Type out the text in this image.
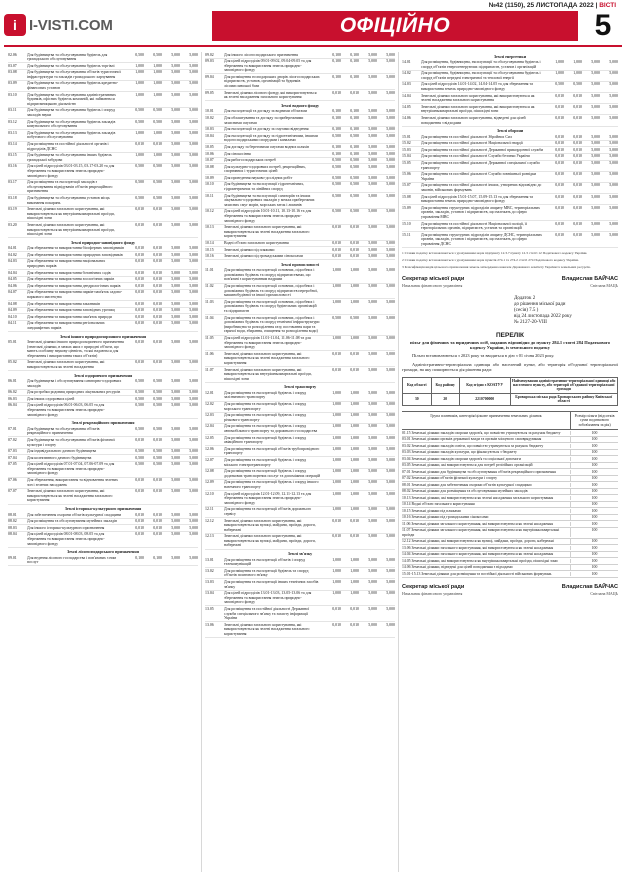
№42 (1150), 25 ЛИСТОПАДА 2022 | ВІСТІ
i I-VISTI.COM	ОФІЦІЙНО	5
02.06	Для будівництва та обслуговування будівель для громадського обслуговування
0,500	0,500	5,000	5,000
03.07	Для будівництва та обслуговування будівель торгівлі	1,000	1,000	5,000	5,000
03.08	Для будівництва та обслуговування об'єктів туристичної інфраструктури та закладів громадського харчування
1,000	1,000	5,000	5,000
03.09	Для будівництва та обслуговування будівель кредитно-фінансових установ
1,000	1,000	5,000	5,000
03.10	Для будівництва та обслуговування адміністративних будинків, офісних будівель компаній, які займаються підприємницькою діяльністю
1,000	1,000	5,000	5,000
03.11	Для будівництва та обслуговування будівель і споруд закладів науки
0,500	0,500	5,000	5,000
03.12	Для будівництва та обслуговування будівель закладів комунального обслуговування
0,500	0,500	5,000	5,000
03.13	Для будівництва та обслуговування будівель закладів побутового обслуговування
1,000	1,000	5,000	5,000
03.14	Для розміщення та постійної діяльності органів і підрозділів ДСНС
0,010	0,010	5,000	5,000
03.15	Для будівництва та обслуговування інших будівель громадської забудови
1,000	1,000	5,000	5,000
03.16	Для цілей підрозділів 03.01-03.15, 03.17-03.20 та для збереження та використання земель природно-заповідного фонду
0,500	0,500	5,000	5,000
03.17	Для розміщення та експлуатації закладів з обслуговування відвідувачів об'єктів рекреаційного призначення
0,500	0,500	5,000	5,000
03.18	Для будівництва та обслуговування установ місць виконання покарань
0,500	0,500	5,000	5,000
03.19	Земельні ділянки загального користування, які використовуються як внутрішньоквартальні проїзди, пішохідні зони
0,010	0,010	5,000	5,000
03.20	Земельні ділянки загального користування, які використовуються як внутрішньоквартальні проїзди, пішохідні зони
0,010	0,010	5,000	5,000
Землі природно-заповідного фонду
04.01	Для збереження та використання біосферних заповідників	0,010	0,010	5,000	5,000
04.02	Для збереження та використання природних заповідників	0,010	0,010	5,000	5,000
04.03	Для збереження та використання національних природних парків
0,010	0,010	5,000	5,000
04.04	Для збереження та використання ботанічних садів	0,010	0,010	5,000	5,000
04.05	Для збереження та використання зоологічних парків	0,010	0,010	5,000	5,000
04.06	Для збереження та використання дендрологічних парків	0,010	0,010	5,000	5,000
04.07	Для збереження та використання парків-пам'яток садово-паркового мистецтва
0,010	0,010	5,000	5,000
04.08	Для збереження та використання заказників	0,010	0,010	5,000	5,000
04.09	Для збереження та використання заповідних урочищ	0,010	0,010	5,000	5,000
04.10	Для збереження та використання пам'яток природи	0,010	0,010	5,000	5,000
04.11	Для збереження та використання регіональних ландшафтних парків
0,010	0,010	5,000	5,000
Землі іншого природоохоронного призначення
05.01	Земельні ділянки іншого природоохоронного призначення (земельні ділянки, в межах яких є природні об'єкти, що мають особливу наукову цінність, та які надаються для збереження і використання таких об'єктів)
0,010	0,010	5,000	5,000
05.02	Земельні ділянки загального користування, які використовуються як зелені насадження
0,010	0,010	5,000	5,000
Землі оздоровчого призначення
06.01	Для будівництва і обслуговування санаторно-оздоровчих закладів
0,500	0,500	5,000	5,000
06.02	Для розробки родовищ природних лікувальних ресурсів	0,500	0,500	5,000	5,000
06.03	Для інших оздоровчих цілей	0,500	0,500	5,000	5,000
06.04	Для цілей підрозділів 06.01-06.03, 06.05 та для збереження та використання земель природно-заповідного фонду
0,500	0,500	5,000	5,000
Землі рекреаційного призначення
07.01	Для будівництва та обслуговування об'єктів рекреаційного призначення
0,500	0,500	5,000	5,000
07.02	Для будівництва та обслуговування об'єктів фізичної культури і спорту
0,010	0,010	5,000	5,000
07.03	Для індивідуального дачного будівництва	0,500	0,500	5,000	5,000
07.04	Для колективного дачного будівництва	0,500	0,500	5,000	5,000
07.05	Для цілей підрозділів 07.01-07.04, 07.06-07.09 та для збереження та використання земель природно-заповідного фонду
0,500	0,500	5,000	5,000
07.06	Для збереження, використання та відновлення зелених зон і зелених насаджень
0,010	0,010	5,000	5,000
07.07	Земельні ділянки загального користування, які використовуються як зелені насадження загального користування
0,010	0,010	5,000	5,000
Землі історико-культурного призначення
08.01	Для забезпечення охорони об'єктів культурної спадщини	0,010	0,010	5,000	5,000
08.02	Для розміщення та обслуговування музейних закладів	0,010	0,010	5,000	5,000
08.03	Для іншого історико-культурного призначення	0,010	0,010	5,000	5,000
08.04	Для цілей підрозділів 08.01-08.03, 08.05 та для збереження та використання земель природно-заповідного фонду
0,010	0,010	5,000	5,000
Землі лісогосподарського призначення
09.01	Для ведення лісового господарства і пов'язаних з ним послуг
0,100	0,100	5,000	5,000
09.02	Для іншого лісогосподарського призначення	0,100	0,100	5,000	5,000
09.03	Для цілей підрозділів 09.01-09.02, 09.04-09.05 та для збереження та використання земель природно-заповідного фонду
0,100	0,100	5,000	5,000
09.04	Для розміщення господарських дворів лісогосподарських підприємств, установ, організацій та будинків лісомисливської бази
0,100	0,100	5,000	5,000
09.05	Земельні ділянки лісового фонду, які використовуються як зелені насадження загального користування
0,010	0,010	5,000	5,000
Землі водного фонду
10.01	Для експлуатації та догляду за водними об'єктами	0,100	0,100	5,000	5,000
10.02	Для облаштування та догляду за прибережними захисними смугами
0,100	0,100	5,000	5,000
10.03	Для експлуатації та догляду за смугами відведення	0,100	0,100	5,000	5,000
10.04	Для експлуатації та догляду за гідротехнічними, іншими водогосподарськими спорудами і каналами
0,500	0,500	5,000	5,000
10.05	Для догляду за береговими смугами водних шляхів	0,100	0,100	5,000	5,000
10.06	Для сінокосіння	0,100	0,100	5,000	5,000
10.07	Для рибогосподарських потреб	0,500	0,500	5,000	5,000
10.08	Для культурно-оздоровчих потреб, рекреаційних, спортивних і туристичних цілей
0,500	0,500	5,000	5,000
10.09	Для проведення науково-дослідних робіт	0,500	0,500	5,000	5,000
10.10	Для будівництва та експлуатації гідротехнічних, гідрометричних та лінійних споруд
0,500	0,500	5,000	5,000
10.11	Для будівництва та експлуатації санаторіїв та інших лікувально-оздоровчих закладів у межах прибережних захисних смуг морів, морських заток і лиманів
0,500	0,500	5,000	5,000
10.12	Для цілей підрозділів 10.01-10.11, 10.13-10.16 та для збереження та використання земель природно-заповідного фонду
0,500	0,500	5,000	5,000
10.13	Земельні ділянки загального користування, які використовуються як зелені насадження загального користування
0,010	0,010	5,000	5,000
10.14	Водні об'єкти загального користування	0,010	0,010	5,000	5,000
10.15	Земельні ділянки під пляжами	0,010	0,010	5,000	5,000
10.16	Земельні ділянки під громадськими сінокосами	0,010	0,010	5,000	5,000
Землі промисловості
11.01	Для розміщення та експлуатації основних, підсобних і допоміжних будівель та споруд підприємствами, що пов'язані з користуванням надрами
1,000	1,000	5,000	5,000
11.02	Для розміщення та експлуатації основних, підсобних і допоміжних будівель та споруд підприємств переробної, машинобудівної та іншої промисловості
1,000	1,000	5,000	5,000
11.03	Для розміщення та експлуатації основних, підсобних і допоміжних будівель та споруд будівельних організацій та підприємств
1,000	1,000	5,000	5,000
11.04	Для розміщення та експлуатації основних, підсобних і допоміжних будівель та споруд технічної інфраструктури (виробництва та розподілення газу, постачання пари та гарячої води, збирання, очищення та розподілення води)
0,500	0,500	5,000	5,000
11.05	Для цілей підрозділів 11.01-11.04, 11.06-11.08 та для збереження та використання земель природно-заповідного фонду
1,000	1,000	5,000	5,000
11.06	Земельні ділянки загального користування, які використовуються як зелені насадження загального користування
0,010	0,010	5,000	5,000
11.07	Земельні ділянки загального користування, які використовуються як внутрішньоквартальні проїзди, пішохідні зони
0,010	0,010	5,000	5,000
Землі транспорту
12.01	Для розміщення та експлуатації будівель і споруд залізничного транспорту
1,000	1,000	5,000	5,000
12.02	Для розміщення та експлуатації будівель і споруд морського транспорту
1,000	1,000	5,000	5,000
12.03	Для розміщення та експлуатації будівель і споруд річкового транспорту
1,000	1,000	5,000	5,000
12.04	Для розміщення та експлуатації будівель і споруд автомобільного транспорту та дорожнього господарства
1,000	1,000	5,000	5,000
12.05	Для розміщення та експлуатації будівель і споруд авіаційного транспорту
1,000	1,000	5,000	5,000
12.06	Для розміщення та експлуатації об'єктів трубопровідного транспорту
1,000	1,000	5,000	5,000
12.07	Для розміщення та експлуатації будівель і споруд міського електротранспорту
1,000	1,000	5,000	5,000
12.08	Для розміщення та експлуатації будівель і споруд додаткових транспортних послуг та допоміжних операцій
1,000	1,000	5,000	5,000
12.09	Для розміщення та експлуатації будівель і споруд іншого наземного транспорту
1,000	1,000	5,000	5,000
12.10	Для цілей підрозділів 12.01-12.09, 12.11-12.13 та для збереження та використання земель природно-заповідного фонду
1,000	1,000	5,000	5,000
12.11	Для розміщення та експлуатації об'єктів дорожнього сервісу
1,000	1,000	5,000	5,000
12.12	Земельні ділянки загального користування, які використовуються як вулиці, майдани, проїзди, дороги, набережні
0,010	0,010	5,000	5,000
12.13	Земельні ділянки загального користування, які використовуються як вулиці, майдани, проїзди, дороги, набережні
0,010	0,010	5,000	5,000
Землі зв'язку
13.01	Для розміщення та експлуатації об'єктів і споруд телекомунікацій
1,000	1,000	5,000	5,000
13.02	Для розміщення та експлуатації будівель та споруд об'єктів поштового зв'язку
1,000	1,000	5,000	5,000
13.03	Для розміщення та експлуатації інших технічних засобів зв'язку
1,000	1,000	5,000	5,000
13.04	Для цілей підрозділів 13.01-13.03, 13.05-13.06 та для збереження та використання земель природно-заповідного фонду
1,000	1,000	5,000	5,000
13.05	Для розміщення та постійної діяльності Державної служби спеціального зв'язку та захисту інформації України
0,010	0,010	5,000	5,000
13.06	Земельні ділянки загального користування, які використовуються як зелені насадження загального користування
0,010	0,010	5,000	5,000
Землі енергетики
14.01	Для розміщення, будівництва, експлуатації та обслуговування будівель і споруд об'єктів енергогенеруючих підприємств, установ і організацій
1,000	1,000	5,000	5,000
14.02	Для розміщення, будівництва, експлуатації та обслуговування будівель і споруд об'єктів передачі електричної та теплової енергії
1,000	1,000	5,000	5,000
14.03	Для цілей підрозділів 14.01-14.02, 14.04-14.05 та для збереження та використання земель природно-заповідного фонду
0,500	0,500	5,000	5,000
14.04	Земельні ділянки загального користування, які використовуються як зелені насадження загального користування
0,010	0,010	5,000	5,000
14.05	Земельні ділянки загального користування, які використовуються як внутрішньоквартальні проїзди, пішохідні зони
0,010	0,010	5,000	5,000
14.06	Земельні ділянки загального користування, відведені для цілей поводження з відходами
0,010	0,010	5,000	5,000
Землі оборони
15.01	Для розміщення та постійної діяльності Збройних Сил	0,010	0,010	5,000	5,000
15.02	Для розміщення та постійної діяльності Національної гвардії	0,010	0,010	5,000	5,000
15.03	Для розміщення та постійної діяльності Державної прикордонної служби	0,010	0,010	5,000	5,000
15.04	Для розміщення та постійної діяльності Служби безпеки України	0,010	0,010	5,000	5,000
15.05	Для розміщення та постійної діяльності Державної спеціальної служби транспорту
0,010	0,010	5,000	5,000
15.06	Для розміщення та постійної діяльності Служби зовнішньої розвідки України
0,010	0,010	5,000	5,000
15.07	Для розміщення та постійної діяльності інших, утворених відповідно до законів, військових формувань
0,010	0,010	5,000	5,000
15.08	Для цілей підрозділів 15.01-15.07, 15.09-15.13 та для збереження та використання земель природно-заповідного фонду
0,010	0,010	5,000	5,000
15.09	Для розміщення структурних підрозділів апарату МВС, територіальних органів, закладів, установ і підприємств, що належать до сфери управління МВС
0,010	0,010	5,000	5,000
15.10	Для розміщення та постійної діяльності Національної поліції, її територіальних органів, підприємств, установ та організацій
0,010	0,010	5,000	5,000
15.11	Для розміщення структурних підрозділів апарату ДСНС, територіальних органів, закладів, установ і підприємств, що належать до сфери управління ДСНС
0,010	0,010	5,000	5,000
1 Ставки податку встановлюються з урахуванням норм підпункту 12.3.7 пункту 12.3 статті 12 Податкового кодексу України.
2 Ставки податку встановлюються з урахуванням норм пунктів 274.1 та 274.2 статті 274 Податкового кодексу України.
3 Класифікація видів цільового призначення земель затверджена наказом Державного комітету України із земельних ресурсів.
Секретар міської ради	Владислав БАЙЧАС
Начальник фінансового управління	Світлана МАЦЬ
Додаток 2
до рішення міської ради
(сесія) 7.5 )
від 24 листопада 2022 року
№ 2127-20-VIII
ПЕРЕЛІК
пільг для фізичних та юридичних осіб, наданих відповідно до пункту 284.1 статті 284 Податкового кодексу України, із земельного податку
Пільги встановлюються з 2023 року та вводяться в дію з 01 січня 2023 року.
Адміністративно-територіальна одиниця або населений пункт, або територія об'єднаної територіальної громади, на яку поширюється дія рішення ради:
Код області	Код району	Код згідно з КОАТУУ	Найменування адміністративно-територіальної одиниці або населеного пункту, або території об'єднаної територіальної громади
30	20	2210700000	Броварська міська рада Броварського району Київської області
Група платників, категорія/цільове призначення земельних ділянок	Розмір пільги (відсотків суми податкового зобов'язання за рік)
01.15 Земельні ділянки закладів охорони здоров'я, що повністю утримуються за рахунок бюджету	100
03.01 Земельні ділянки органів державної влади та органів місцевого самоврядування	100
03.02 Земельні ділянки закладів освіти, що повністю утримуються за рахунок бюджету	100
03.03 Земельні ділянки закладів культури, що фінансуються з бюджету	100
03.04 Земельні ділянки закладів охорони здоров'я та соціальної допомоги	100
03.05 Земельні ділянки, які використовуються для потреб релігійних організацій	100
07.01 Земельні ділянки для будівництва та обслуговування об'єктів рекреаційного призначення	100
07.02 Земельні ділянки об'єктів фізичної культури і спорту	100
08.01 Земельні ділянки для забезпечення охорони об'єктів культурної спадщини	100
08.02 Земельні ділянки для розміщення та обслуговування музейних закладів	100
10.13 Земельні ділянки, які використовуються як зелені насадження загального користування	100
10.14 Водні об'єкти загального користування	100
10.15 Земельні ділянки під пляжами	100
10.16 Земельні ділянки під громадськими сінокосами	100
11.06 Земельні ділянки загального користування, які використовуються як зелені насадження	100
11.07 Земельні ділянки загального користування, які використовуються як внутрішньоквартальні проїзди
100
12.12 Земельні ділянки, які використовуються як вулиці, майдани, проїзди, дороги, набережні	100
13.06 Земельні ділянки загального користування, які використовуються як зелені насадження	100
14.04 Земельні ділянки загального користування, які використовуються як зелені насадження	100
14.05 Земельні ділянки, які використовуються як внутрішньоквартальні проїзди, пішохідні зони	100
14.06 Земельні ділянки, відведені для цілей поводження з відходами	100
15.01-15.13 Земельні ділянки для розміщення та постійної діяльності військових формувань	100
Секретар міської ради	Владислав БАЙЧАС
Начальник фінансового управління	Світлана МАЦЬ
